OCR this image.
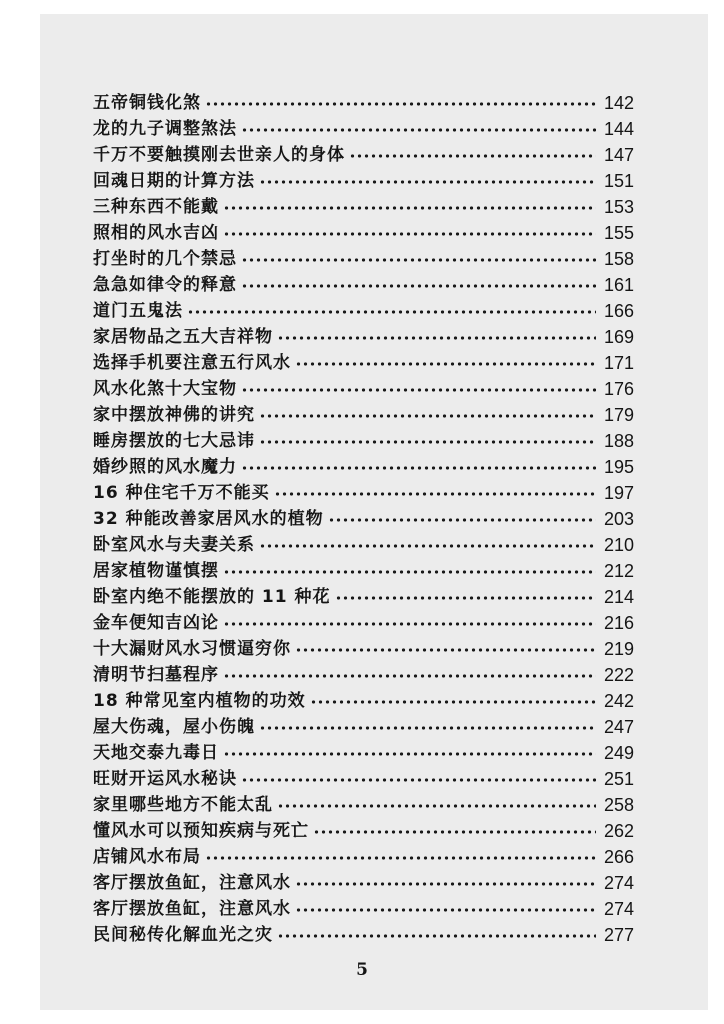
五帝铜钱化煞	142
龙的九子调整煞法	144
千万不要触摸刚去世亲人的身体	147
回魂日期的计算方法	151
三种东西不能戴	153
照相的风水吉凶	155
打坐时的几个禁忌	158
急急如律令的释意	161
道门五鬼法	166
家居物品之五大吉祥物	169
选择手机要注意五行风水	171
风水化煞十大宝物	176
家中摆放神佛的讲究	179
睡房摆放的七大忌讳	188
婚纱照的风水魔力	195
16 种住宅千万不能买	197
32 种能改善家居风水的植物	203
卧室风水与夫妻关系	210
居家植物谨慎摆	212
卧室内绝不能摆放的 11 种花	214
金车便知吉凶论	216
十大漏财风水习惯逼穷你	219
清明节扫墓程序	222
18 种常见室内植物的功效	242
屋大伤魂，屋小伤魄	247
天地交泰九毒日	249
旺财开运风水秘诀	251
家里哪些地方不能太乱	258
懂风水可以预知疾病与死亡	262
店铺风水布局	266
客厅摆放鱼缸，注意风水	274
客厅摆放鱼缸，注意风水	274
民间秘传化解血光之灾	277
5
